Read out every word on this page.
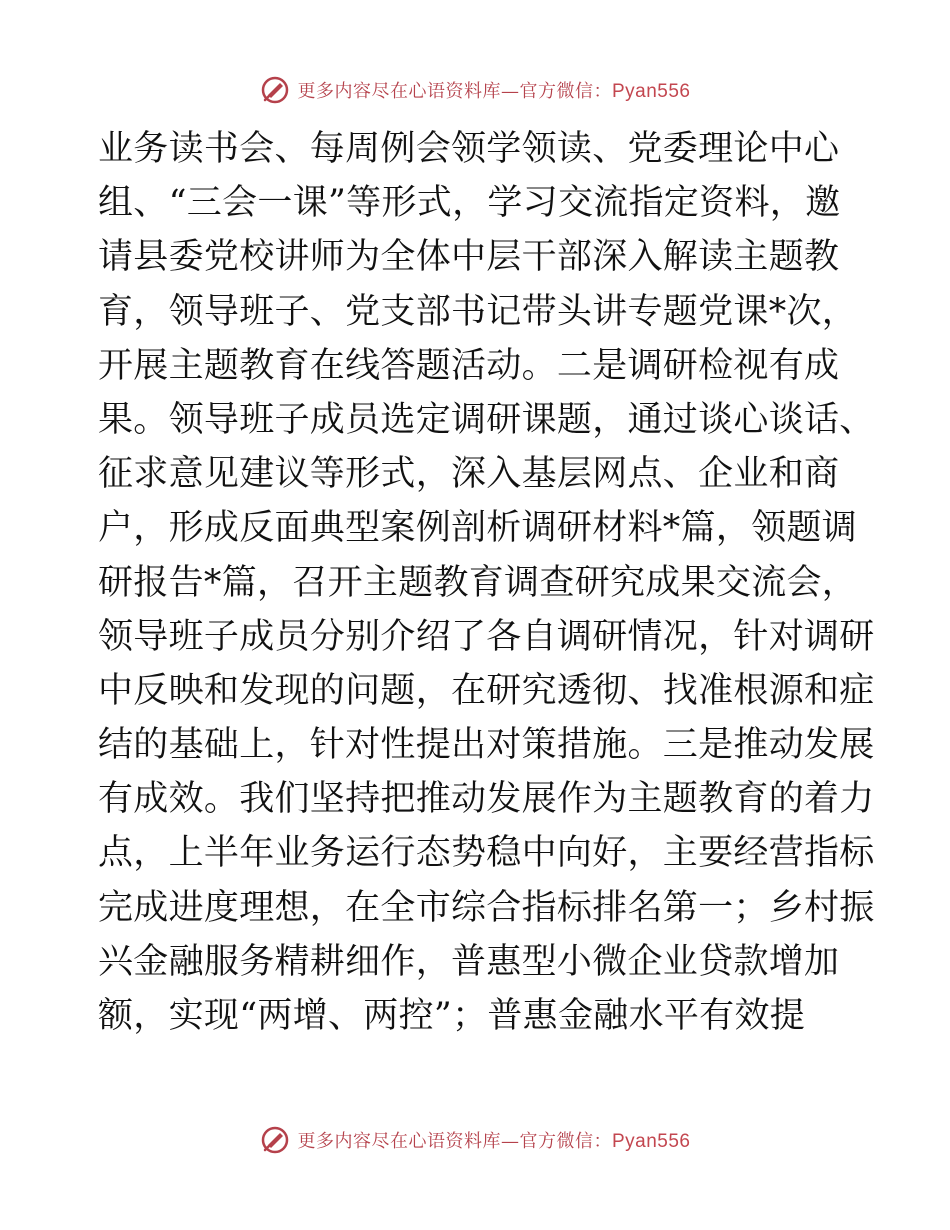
更多内容尽在心语资料库—官方微信：Pyan556
业务读书会、每周例会领学领读、党委理论中心
组、“三会一课”等形式，学习交流指定资料，邀
请县委党校讲师为全体中层干部深入解读主题教
育，领导班子、党支部书记带头讲专题党课*次，
开展主题教育在线答题活动。二是调研检视有成
果。领导班子成员选定调研课题，通过谈心谈话、
征求意见建议等形式，深入基层网点、企业和商
户，形成反面典型案例剖析调研材料*篇，领题调
研报告*篇，召开主题教育调查研究成果交流会，
领导班子成员分别介绍了各自调研情况，针对调研
中反映和发现的问题，在研究透彻、找准根源和症
结的基础上，针对性提出对策措施。三是推动发展
有成效。我们坚持把推动发展作为主题教育的着力
点，上半年业务运行态势稳中向好，主要经营指标
完成进度理想，在全市综合指标排名第一；乡村振
兴金融服务精耕细作，普惠型小微企业贷款增加
额，实现“两增、两控”；普惠金融水平有效提
更多内容尽在心语资料库—官方微信：Pyan556
